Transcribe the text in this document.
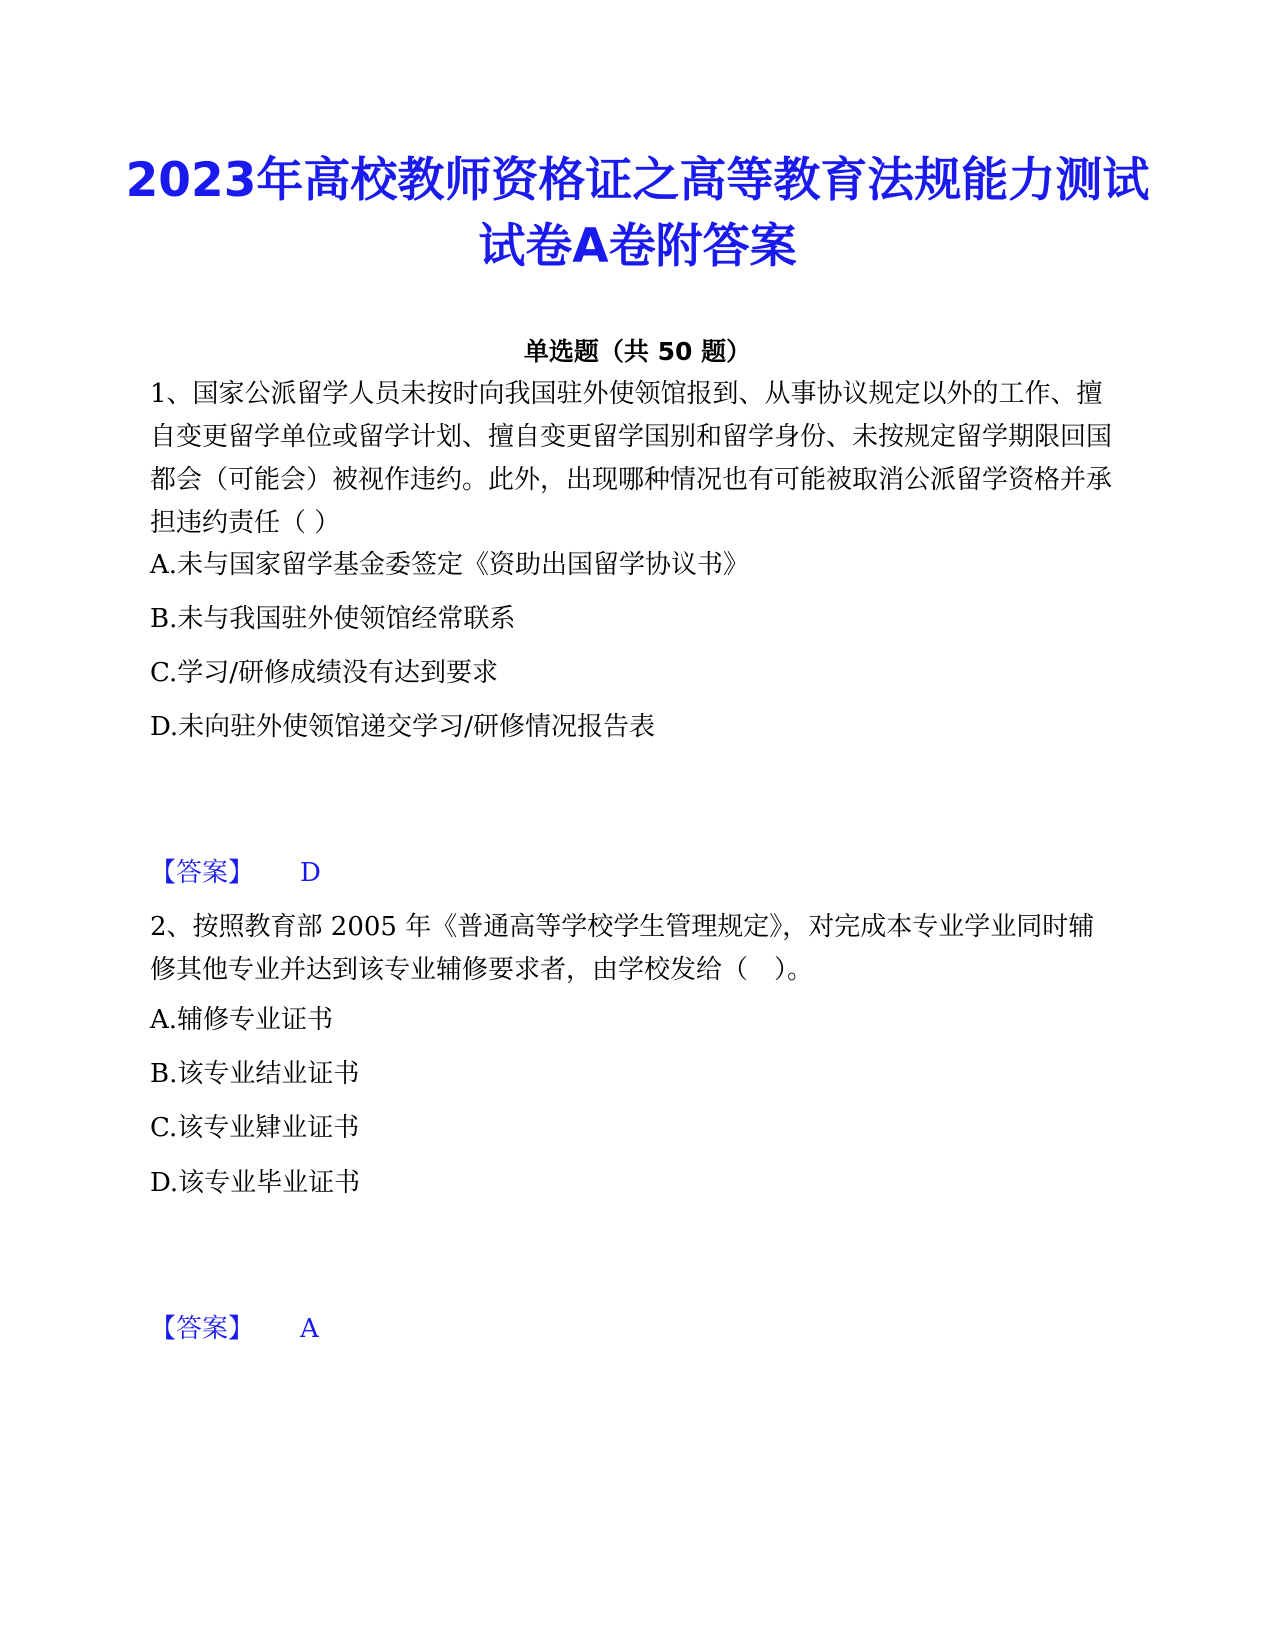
2023年高校教师资格证之高等教育法规能力测试试卷A卷附答案
单选题（共 50 题）

1、国家公派留学人员未按时向我国驻外使领馆报到、从事协议规定以外的工作、擅自变更留学单位或留学计划、擅自变更留学国别和留学身份、未按规定留学期限回国都会（可能会）被视作违约。此外，出现哪种情况也有可能被取消公派留学资格并承担违约责任（ ）

A.未与国家留学基金委签定《资助出国留学协议书》
B.未与我国驻外使领馆经常联系
C.学习/研修成绩没有达到要求
D.未向驻外使领馆递交学习/研修情况报告表
【答案】 D

2、按照教育部 2005 年《普通高等学校学生管理规定》，对完成本专业学业同时辅修其他专业并达到该专业辅修要求者，由学校发给（　）。

A.辅修专业证书
B.该专业结业证书
C.该专业肄业证书
D.该专业毕业证书
【答案】 A
